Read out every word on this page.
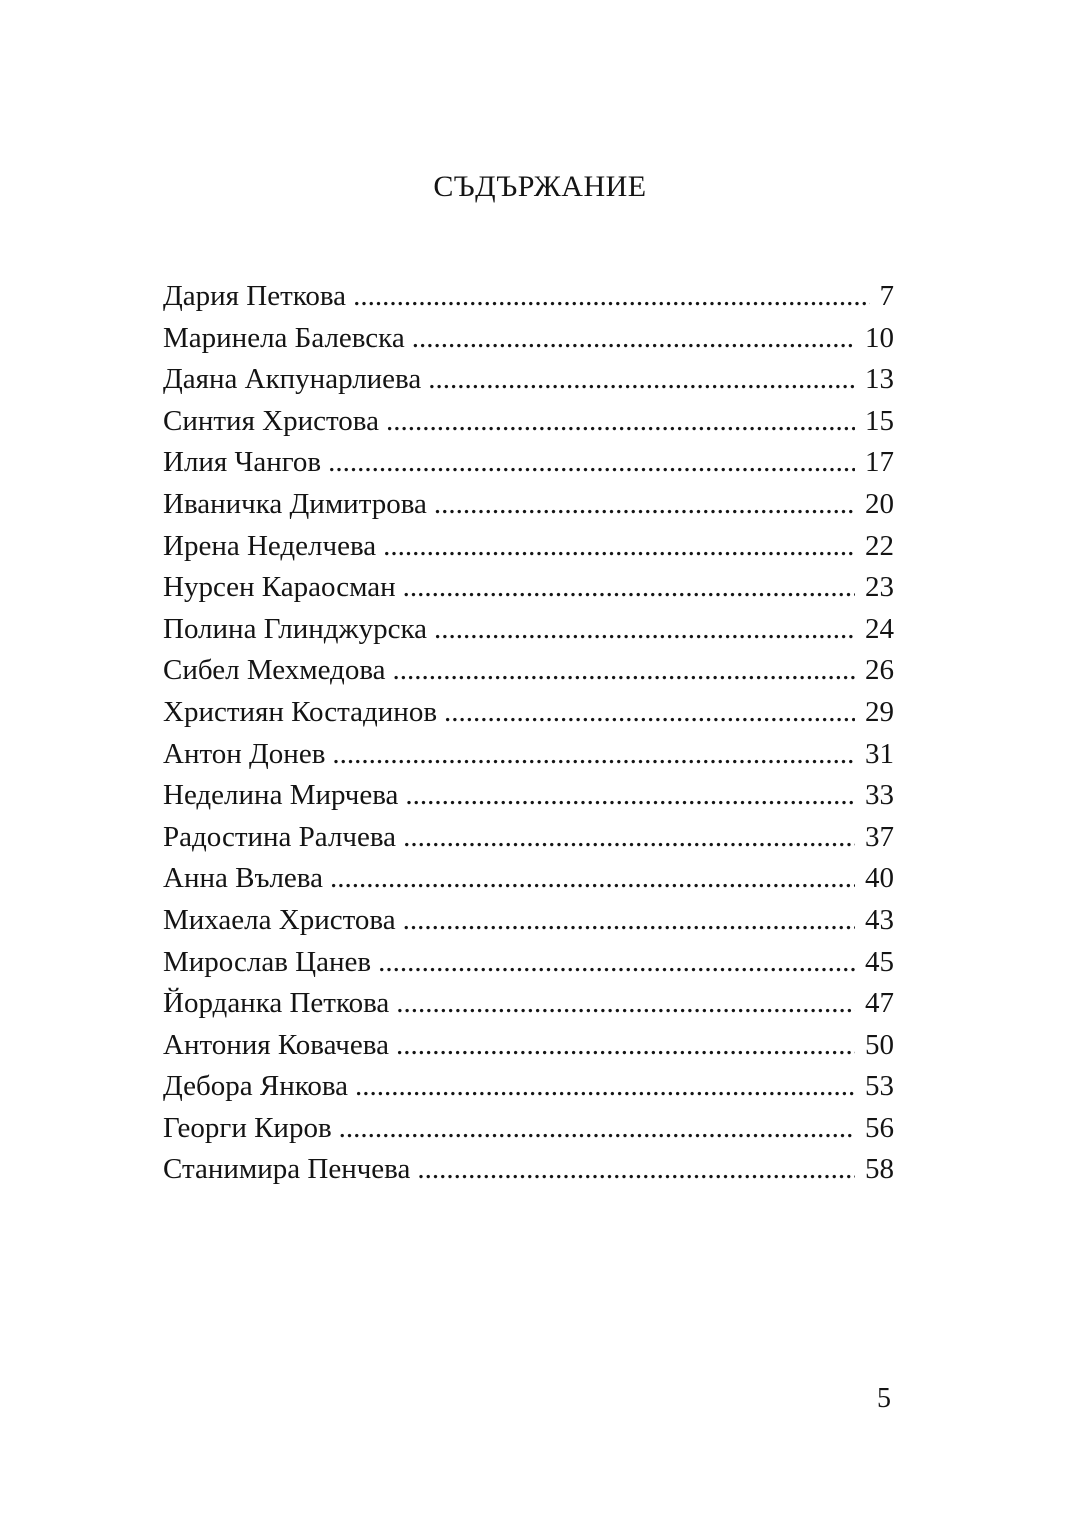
СЪДЪРЖАНИЕ
Дария Петкова .....	7
Маринела Балевска .....	10
Даяна Акпунарлиева .....	13
Синтия Христова .....	15
Илия Чангов .....	17
Иваничка Димитрова .....	20
Ирена Неделчева .....	22
Нурсен Караосман .....	23
Полина Глинджурска .....	24
Сибел Мехмедова .....	26
Християн Костадинов .....	29
Антон Донев .....	31
Неделина Мирчева .....	33
Радостина Ралчева .....	37
Анна Вълева .....	40
Михаела Христова .....	43
Мирослав Цанев .....	45
Йорданка Петкова .....	47
Антония Ковачева .....	50
Дебора Янкова .....	53
Георги Киров .....	56
Станимира Пенчева .....	58
5
